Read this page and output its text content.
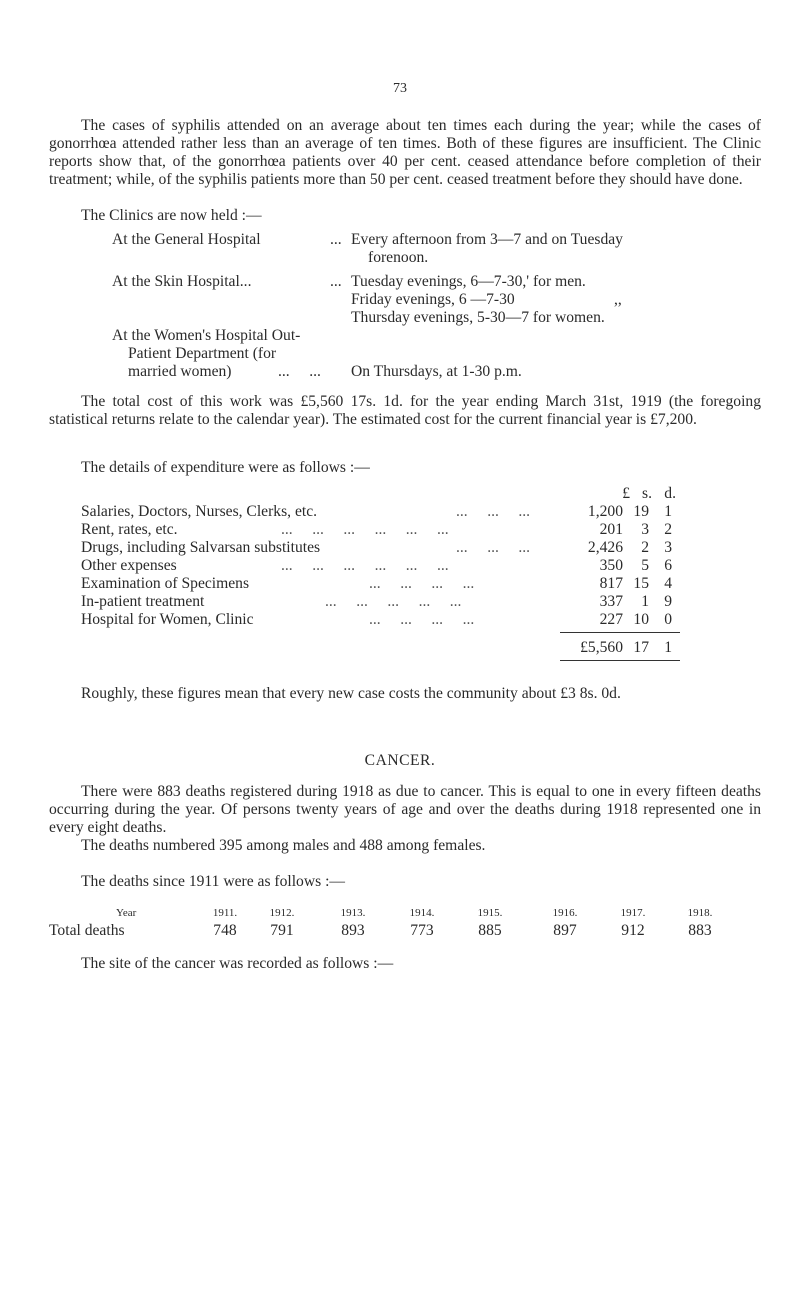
73

The cases of syphilis attended on an average about ten times each during the year; while the cases of gonorrhœa attended rather less than an average of ten times. Both of these figures are insufficient. The Clinic reports show that, of the gonorrhœa patients over 40 per cent. ceased attendance before completion of their treatment; while, of the syphilis patients more than 50 per cent. ceased treatment before they should have done.

The Clinics are now held :—
At the General Hospital	... Every afternoon from 3—7 and on Tuesday
forenoon.
At the Skin Hospital...	... Tuesday evenings, 6—7-30,' for men.
Friday evenings, 6 —7-30	,,
Thursday evenings, 5-30—7 for women.
At the Women's Hospital Out-
Patient Department (for
married women)	...     ... On Thursdays, at 1-30 p.m.

The total cost of this work was £5,560 17s. 1d. for the year ending March 31st, 1919 (the foregoing statistical returns relate to the calendar year). The estimated cost for the current financial year is £7,200.

The details of expenditure were as follows :—
£ s. d.
Salaries, Doctors, Nurses, Clerks, etc.	...     ...     ...	1,200 19 1
Rent, rates, etc.	...     ...     ...     ...     ...     ...	201	3 2
Drugs, including Salvarsan substitutes	...     ...     ...	2,426	2 3
Other expenses	...     ...     ...     ...     ...     ...	350	5 6
Examination of Specimens	...     ...     ...     ...	817 15 4
In-patient treatment	...     ...     ...     ...     ...	337	1 9
Hospital for Women, Clinic	...     ...     ...     ...	227 10 0
£5,560 17 1

Roughly, these figures mean that every new case costs the community about £3 8s. 0d.

CANCER.

There were 883 deaths registered during 1918 as due to cancer. This is equal to one in every fifteen deaths occurring during the year. Of persons twenty years of age and over the deaths during 1918 represented one in every eight deaths.

The deaths numbered 395 among males and 488 among females.
The deaths since 1911 were as follows :—
Year	1911.	1912.	1913.	1914.	1915.	1916.	1917.	1918.
Total deaths	748	791	893	773	885	897	912	883
The site of the cancer was recorded as follows :—
